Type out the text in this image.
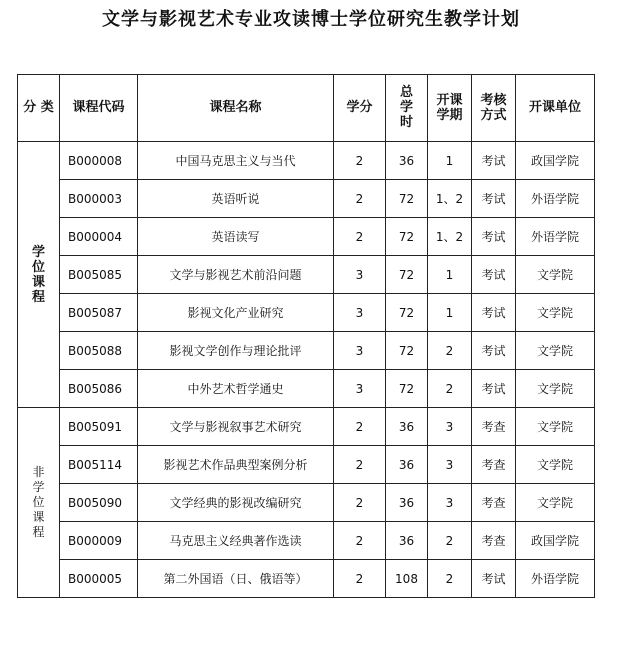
文学与影视艺术专业攻读博士学位研究生教学计划
分 类	课程代码	课程名称	学分	总学时	开课学期	考核方式	开课单位
学位课程	B000008	中国马克思主义与当代	2	36	1	考试	政国学院
	B000003	英语听说	2	72	1、2	考试	外语学院
	B000004	英语读写	2	72	1、2	考试	外语学院
	B005085	文学与影视艺术前沿问题	3	72	1	考试	文学院
	B005087	影视文化产业研究	3	72	1	考试	文学院
	B005088	影视文学创作与理论批评	3	72	2	考试	文学院
	B005086	中外艺术哲学通史	3	72	2	考试	文学院
非学位课程	B005091	文学与影视叙事艺术研究	2	36	3	考查	文学院
	B005114	影视艺术作品典型案例分析	2	36	3	考查	文学院
	B005090	文学经典的影视改编研究	2	36	3	考查	文学院
	B000009	马克思主义经典著作选读	2	36	2	考查	政国学院
	B000005	第二外国语（日、俄语等）	2	108	2	考试	外语学院
